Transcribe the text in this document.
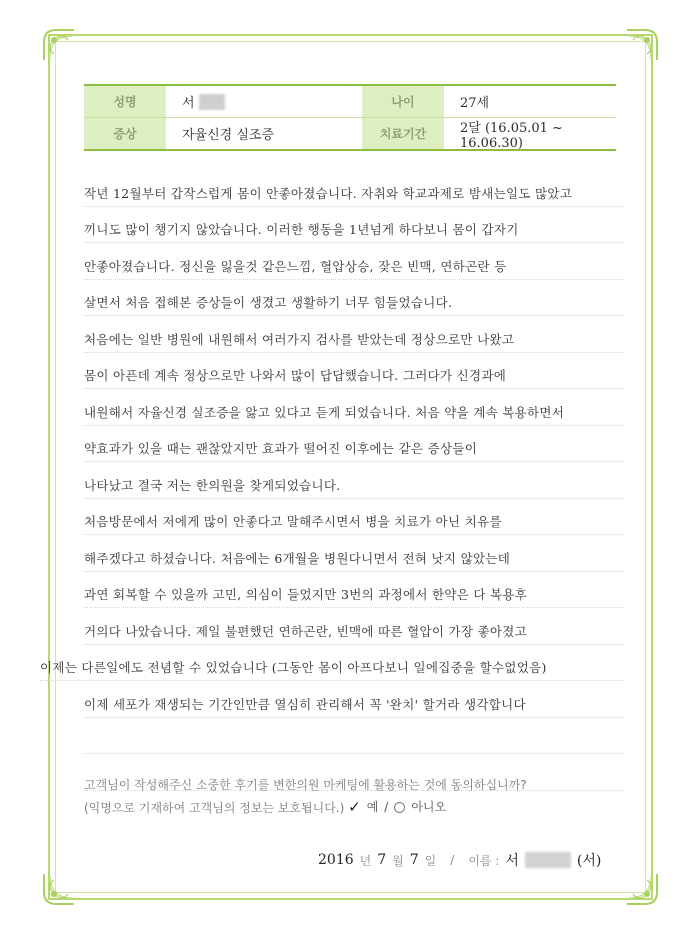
성명	서	나이	27세
증상	자율신경 실조증	치료기간	2달 (16.05.01 ~ 16.06.30)
작년 12월부터 갑작스럽게 몸이 안좋아졌습니다. 자취와 학교과제로 밤새는일도 많았고
끼니도 많이 챙기지 않았습니다. 이러한 행동을 1년넘게 하다보니 몸이 갑자기
안좋아졌습니다. 정신을 잃을것 같은느낌, 혈압상승, 잦은 빈맥, 연하곤란 등
살면서 처음 접해본 증상들이 생겼고 생활하기 너무 힘들었습니다.
처음에는 일반 병원에 내원해서 여러가지 검사를 받았는데 정상으로만 나왔고
몸이 아픈데 계속 정상으로만 나와서 많이 답답했습니다. 그러다가 신경과에
내원해서 자율신경 실조증을 앓고 있다고 듣게 되었습니다. 처음 약을 계속 복용하면서
약효과가 있을 때는 괜찮았지만 효과가 떨어진 이후에는 같은 증상들이
나타났고 결국 저는 한의원을 찾게되었습니다.
처음방문에서 저에게 많이 안좋다고 말해주시면서 병을 치료가 아닌 치유를
해주겠다고 하셨습니다. 처음에는 6개월을 병원다니면서 전혀 낫지 않았는데
과연 회복할 수 있을까 고민, 의심이 들었지만 3번의 과정에서 한약은 다 복용후
거의다 나았습니다. 제일 불편했던 연하곤란, 빈맥에 따른 혈압이 가장 좋아졌고
이제는 다른일에도 전념할 수 있었습니다 (그동안 몸이 아프다보니 일에집중을 할수없었음)
이제 세포가 재생되는 기간인만큼 열심히 관리해서 꼭 '완치' 할거라 생각합니다
고객님이 작성해주신 소중한 후기를 변한의원 마케팅에 활용하는 것에 동의하십니까?
(익명으로 기재하여 고객님의 정보는 보호됩니다.) ✓ 예 / 아니오
2016 년 7 월 7 일 / 이름 : 서	(서)
